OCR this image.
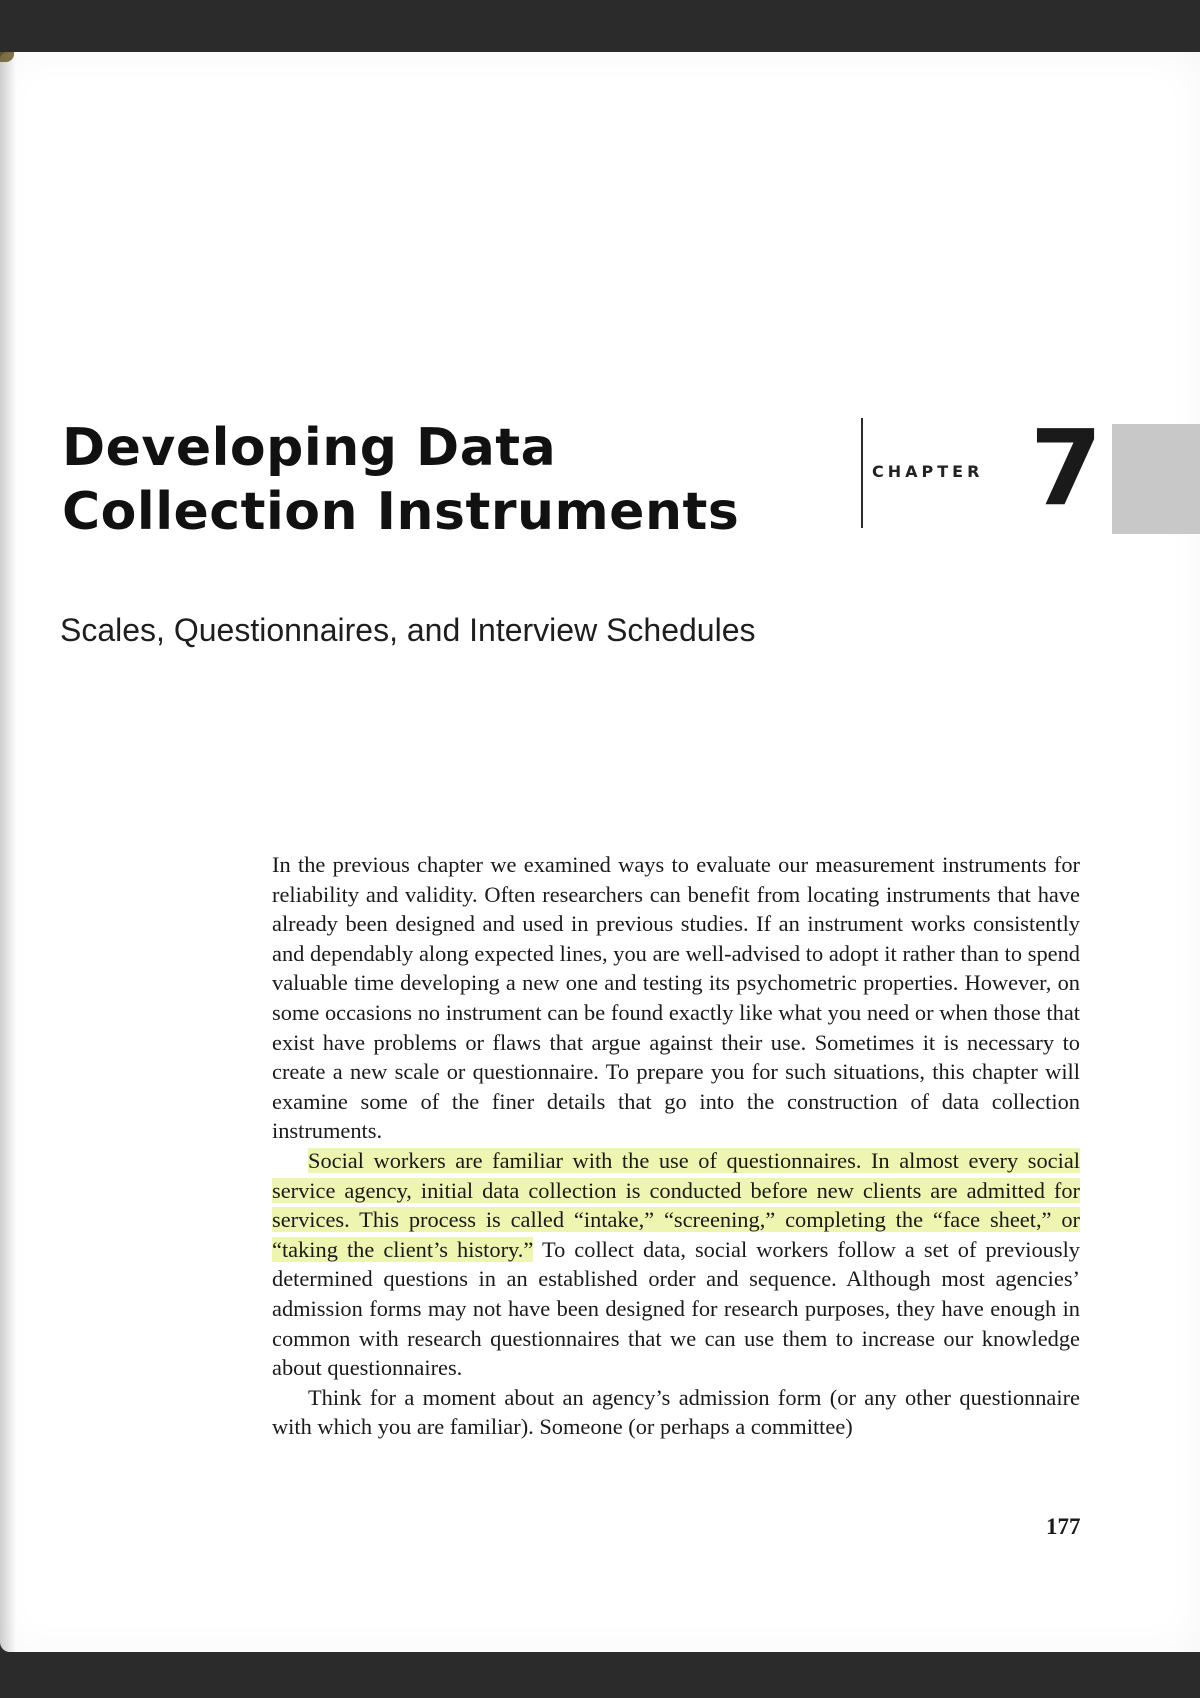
Developing Data
Collection Instruments
Scales, Questionnaires, and Interview Schedules
CHAPTER 7

In the previous chapter we examined ways to evaluate our measurement instruments for reliability and validity. Often researchers can benefit from locating instruments that have already been designed and used in previous studies. If an instrument works consistently and dependably along expected lines, you are well-advised to adopt it rather than to spend valuable time developing a new one and testing its psychometric properties. However, on some occasions no instrument can be found exactly like what you need or when those that exist have problems or flaws that argue against their use. Sometimes it is necessary to create a new scale or questionnaire. To prepare you for such situations, this chapter will examine some of the finer details that go into the construction of data collection instruments.

Social workers are familiar with the use of questionnaires. In almost every social service agency, initial data collection is conducted before new clients are admitted for services. This process is called “intake,” “screening,” completing the “face sheet,” or “taking the client’s history.” To collect data, social workers follow a set of previously determined questions in an established order and sequence. Although most agencies’ admission forms may not have been designed for research purposes, they have enough in common with research questionnaires that we can use them to increase our knowledge about questionnaires.

Think for a moment about an agency’s admission form (or any other questionnaire with which you are familiar). Someone (or perhaps a committee)

177
